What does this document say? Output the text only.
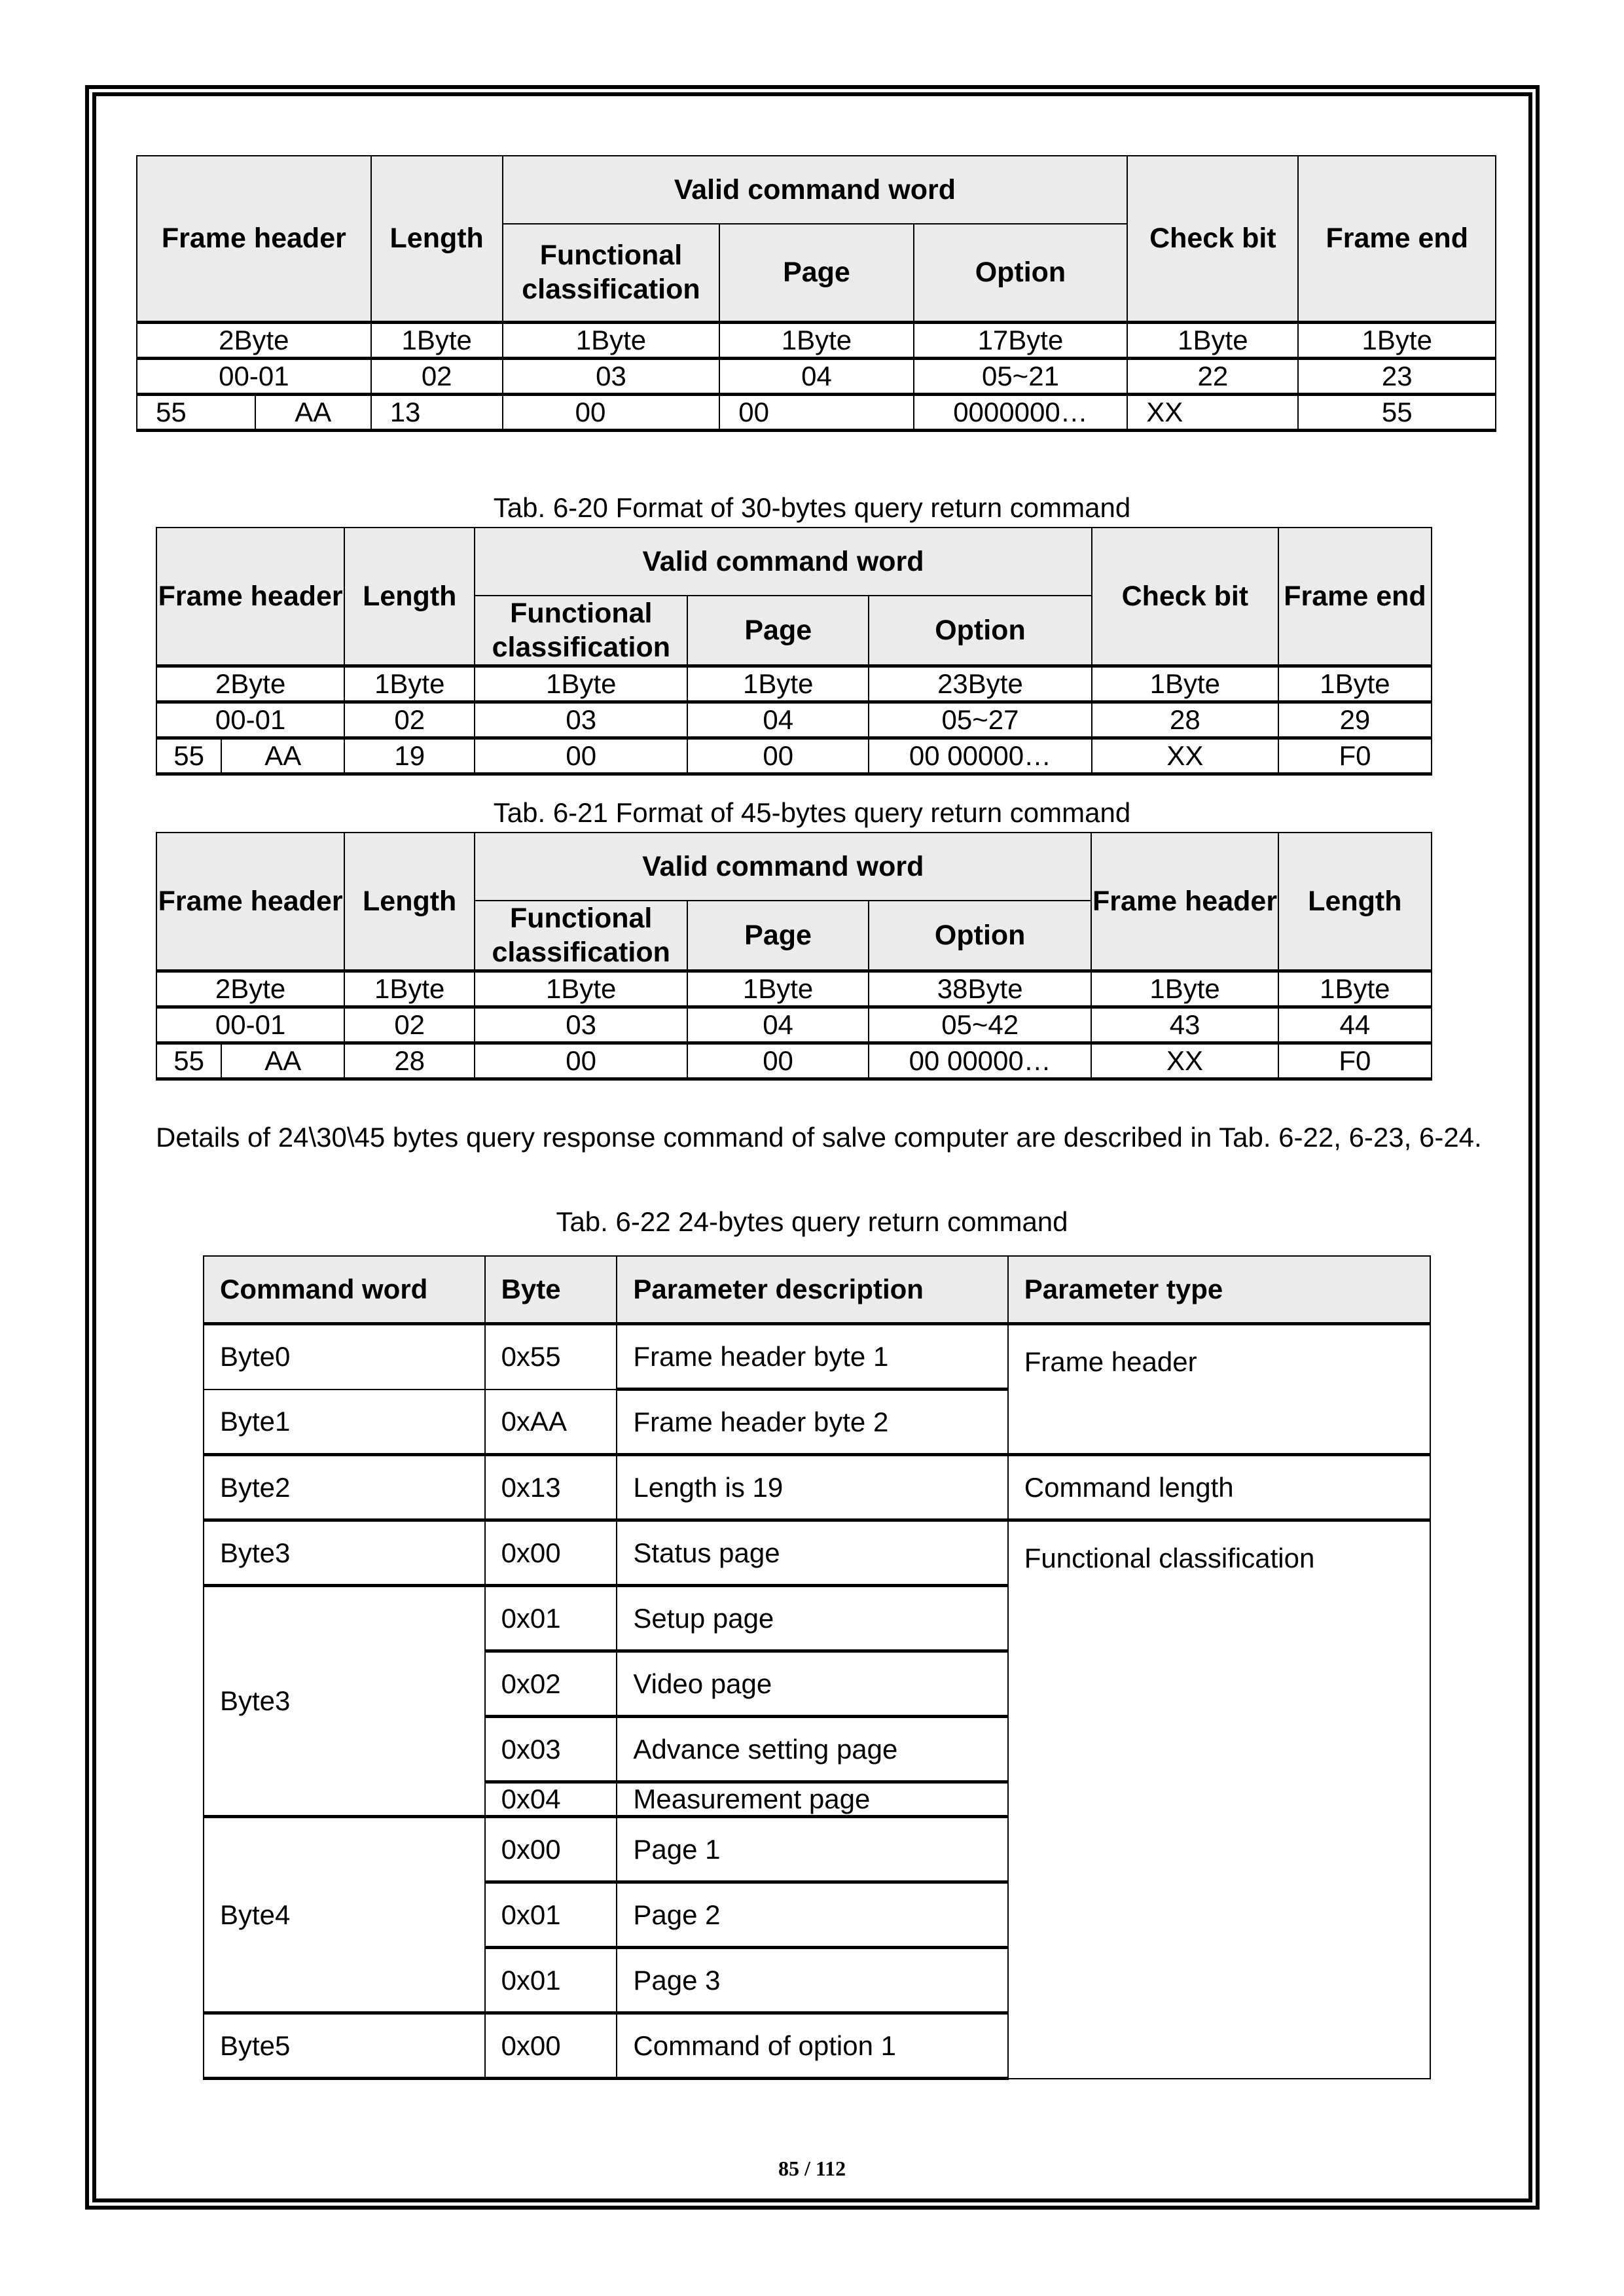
Frame header		Length	Valid command word			Check bit	Frame end
			Functional classification	Page	Option		
2Byte		1Byte	1Byte	1Byte	17Byte	1Byte	1Byte
00-01		02	03	04	05~21	22	23
55	AA	13	00	00	0000000…	XX	55
Tab. 6-20 Format of 30-bytes query return command
Frame header		Length	Valid command word			Check bit	Frame end
			Functional classification	Page	Option		
2Byte		1Byte	1Byte	1Byte	23Byte	1Byte	1Byte
00-01		02	03	04	05~27	28	29
55	AA	19	00	00	00 00000…	XX	F0
Tab. 6-21 Format of 45-bytes query return command
Frame header		Length	Valid command word			Frame header	Length
			Functional classification	Page	Option		
2Byte		1Byte	1Byte	1Byte	38Byte	1Byte	1Byte
00-01		02	03	04	05~42	43	44
55	AA	28	00	00	00 00000…	XX	F0
Details of 24\30\45 bytes query response command of salve computer are described in Tab. 6-22, 6-23, 6-24.
Tab. 6-22 24-bytes query return command
Command word	Byte	Parameter description	Parameter type
Byte0	0x55	Frame header byte 1	Frame header
Byte1	0xAA	Frame header byte 2	
Byte2	0x13	Length is 19	Command length
Byte3	0x00	Status page	Functional classification
Byte3	0x01	Setup page	
	0x02	Video page	
	0x03	Advance setting page	
	0x04	Measurement page	
Byte4	0x00	Page 1	
	0x01	Page 2	
	0x01	Page 3	
Byte5	0x00	Command of option 1	
85 / 112
